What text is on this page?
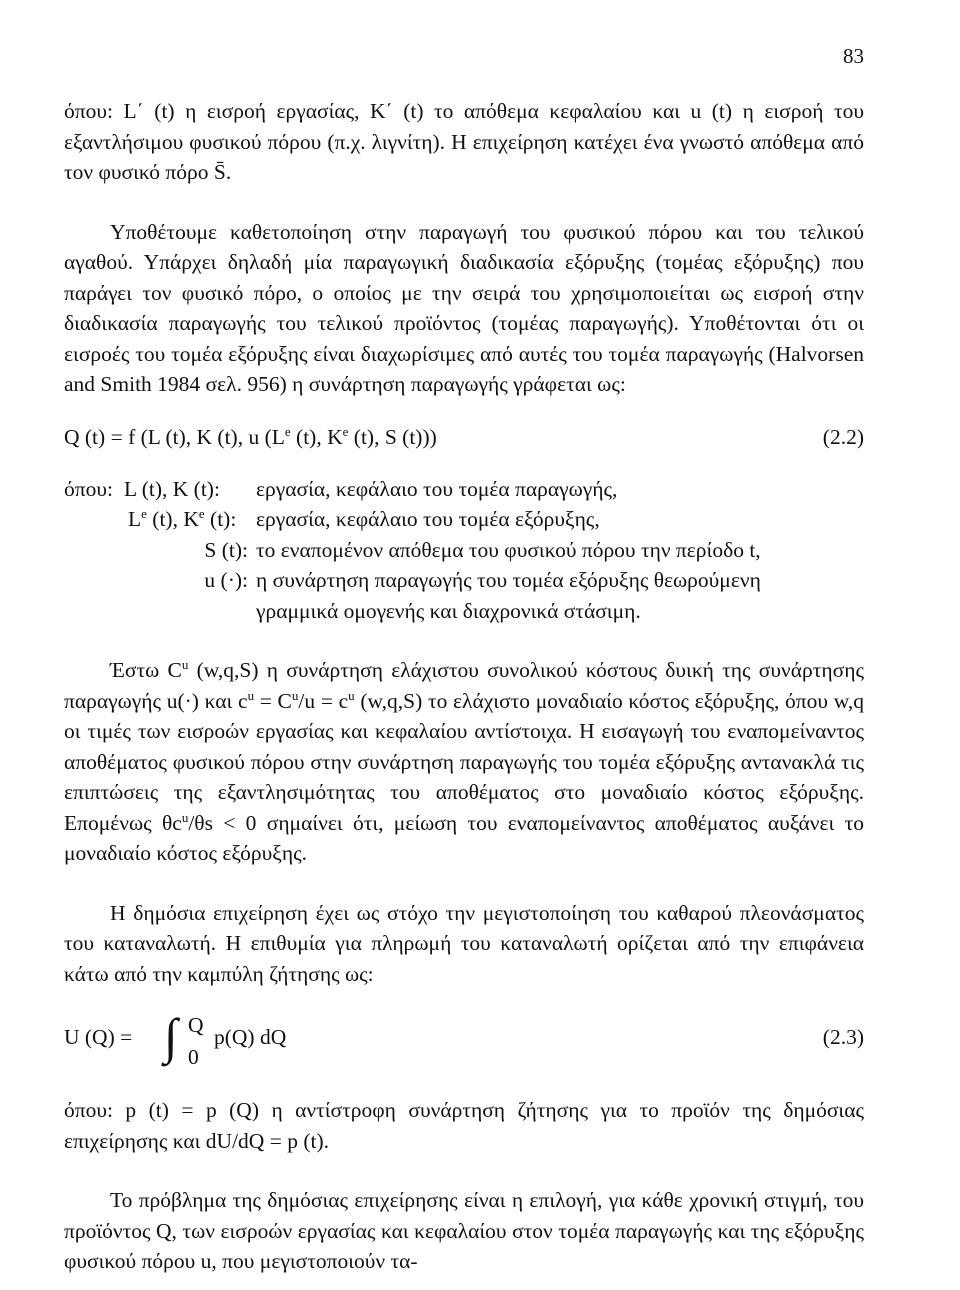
83

όπου: L΄ (t) η εισροή εργασίας, K΄ (t) το απόθεμα κεφαλαίου και u (t) η εισροή του εξαντλήσιμου φυσικού πόρου (π.χ. λιγνίτη). Η επιχείρηση κατέχει ένα γνωστό απόθεμα από τον φυσικό πόρο S̄.

Υποθέτουμε καθετοποίηση στην παραγωγή του φυσικού πόρου και του τελικού αγαθού. Υπάρχει δηλαδή μία παραγωγική διαδικασία εξόρυξης (τομέας εξόρυξης) που παράγει τον φυσικό πόρο, ο οποίος με την σειρά του χρησιμοποιείται ως εισροή στην διαδικασία παραγωγής του τελικού προϊόντος (τομέας παραγωγής). Υποθέτονται ότι οι εισροές του τομέα εξόρυξης είναι διαχωρίσιμες από αυτές του τομέα παραγωγής (Halvorsen and Smith 1984 σελ. 956) η συνάρτηση παραγωγής γράφεται ως:

Q (t) = f (L (t), K (t), u (Le (t), $K^e$ (t), S (t)))	(2.2)
όπου: L (t), K (t):	εργασία, κεφάλαιο του τομέα παραγωγής,
Le (t), $K^e$ (t): εργασία, κεφάλαιο του τομέα εξόρυξης,
S (t): το εναπομένον απόθεμα του φυσικού πόρου την περίοδο t,
u (·): η συνάρτηση παραγωγής του τομέα εξόρυξης θεωρούμενη
γραμμικά ομογενής και διαχρονικά στάσιμη.

Έστω $C^u$ (w,q,S) η συνάρτηση ελάχιστου συνολικού κόστους δυική της συνάρτησης παραγωγής u(·) και $c^u = C^u/u = c^u$ (w,q,S) το ελάχιστο μοναδιαίο κόστος εξόρυξης, όπου w,q οι τιμές των εισροών εργασίας και κεφαλαίου αντίστοιχα. Η εισαγωγή του εναπομείναντος αποθέματος φυσικού πόρου στην συνάρτηση παραγωγής του τομέα εξόρυξης αντανακλά τις επιπτώσεις της εξαντλησιμότητας του αποθέματος στο μοναδιαίο κόστος εξόρυξης. Επομένως $\theta c^u/\theta s < 0$ σημαίνει ότι, μείωση του εναπομείναντος αποθέματος αυξάνει το μοναδιαίο κόστος εξόρυξης.

Η δημόσια επιχείρηση έχει ως στόχο την μεγιστοποίηση του καθαρού πλεονάσματος του καταναλωτή. Η επιθυμία για πληρωμή του καταναλωτή ορίζεται από την επιφάνεια κάτω από την καμπύλη ζήτησης ως:

U (Q) = ∫ Q
0
p(Q) dQ	(2.3)

όπου: p (t) = p (Q) η αντίστροφη συνάρτηση ζήτησης για το προϊόν της δημόσιας επιχείρησης και dU/dQ = p (t).

Το πρόβλημα της δημόσιας επιχείρησης είναι η επιλογή, για κάθε χρονική στιγμή, του προϊόντος Q, των εισροών εργασίας και κεφαλαίου στον τομέα παραγωγής και της εξόρυξης φυσικού πόρου u, που μεγιστοποιούν τα-
